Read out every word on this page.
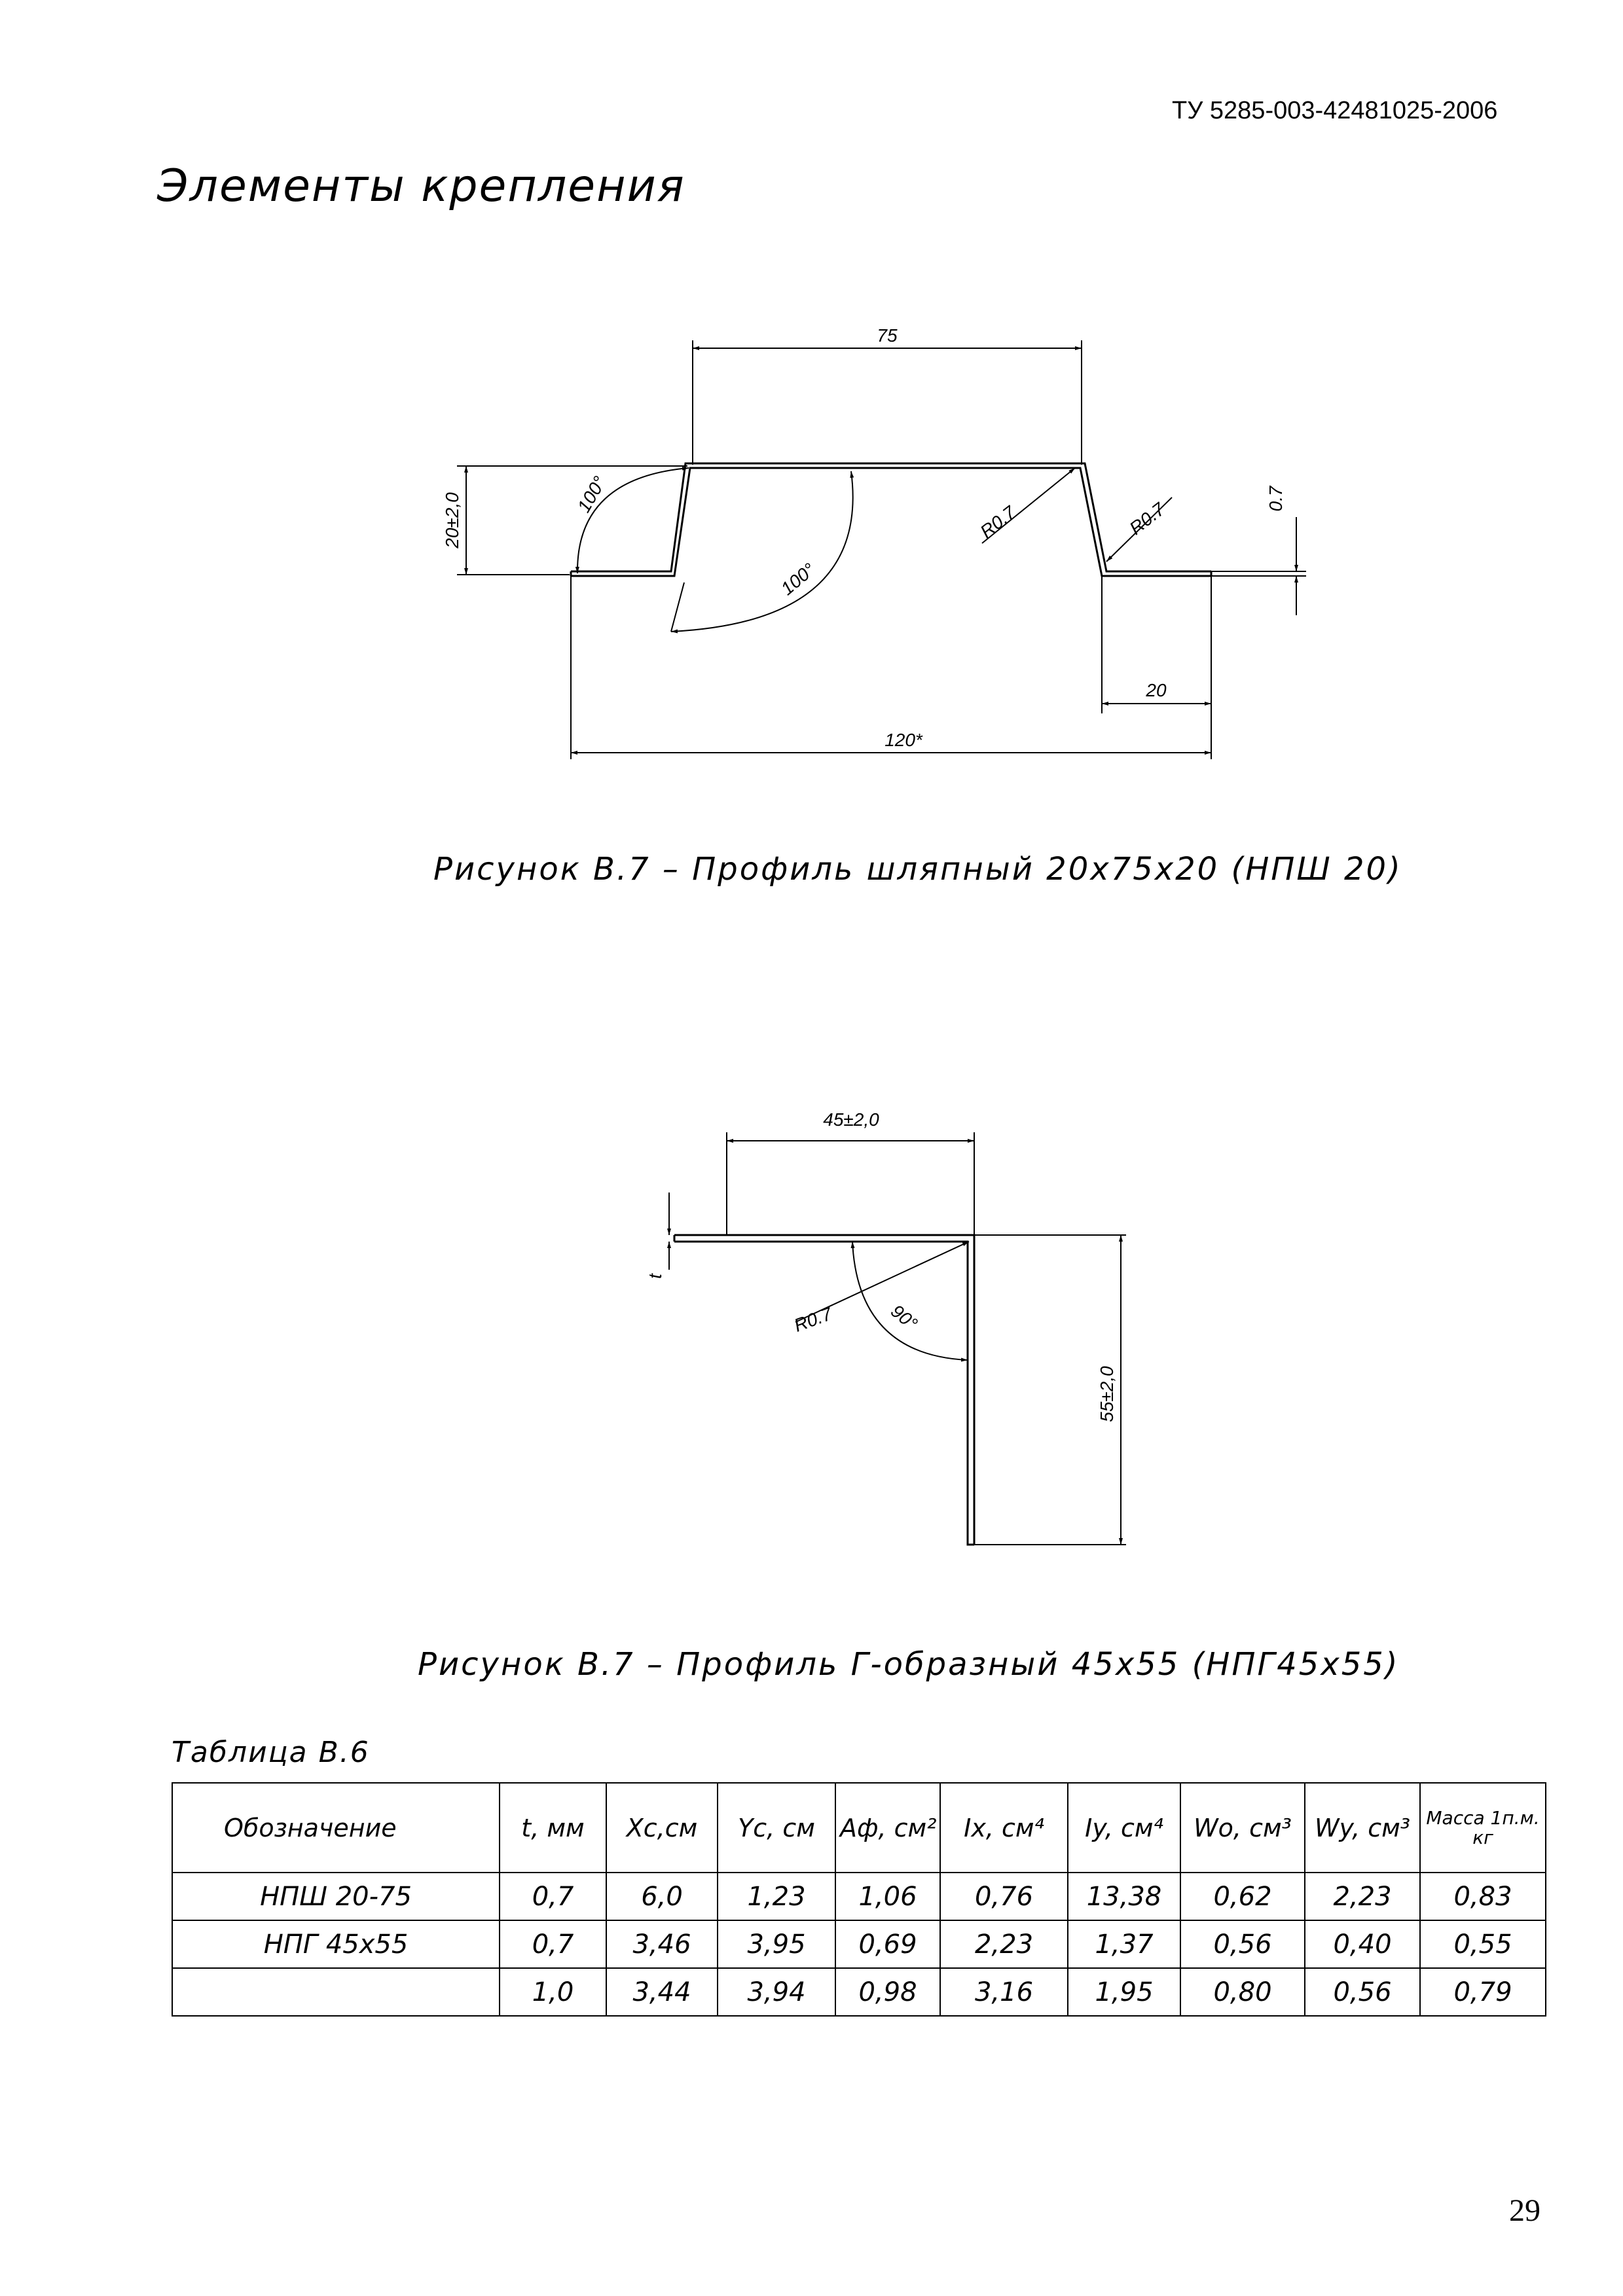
ТУ 5285-003-42481025-2006
Элементы крепления
75
20±2,0	100°
100°
R0.7	R0.7
0.7
20
120*
Рисунок В.7 – Профиль шляпный 20х75х20 (НПШ 20)
45±2,0
55±2,0
t
R0.7	90°
Рисунок В.7 – Профиль Г-образный 45х55 (НПГ45х55)
Таблица В.6
Обозначение	t, мм	Хс,см	Yc, см	Аф, см²	Ix, см⁴	Iy, см⁴	Wo, см³	Wy, см³	Масса 1п.м. кг
НПШ 20-75	0,7	6,0	1,23	1,06	0,76	13,38	0,62	2,23	0,83
НПГ 45х55	0,7	3,46	3,95	0,69	2,23	1,37	0,56	0,40	0,55
	1,0	3,44	3,94	0,98	3,16	1,95	0,80	0,56	0,79
29
